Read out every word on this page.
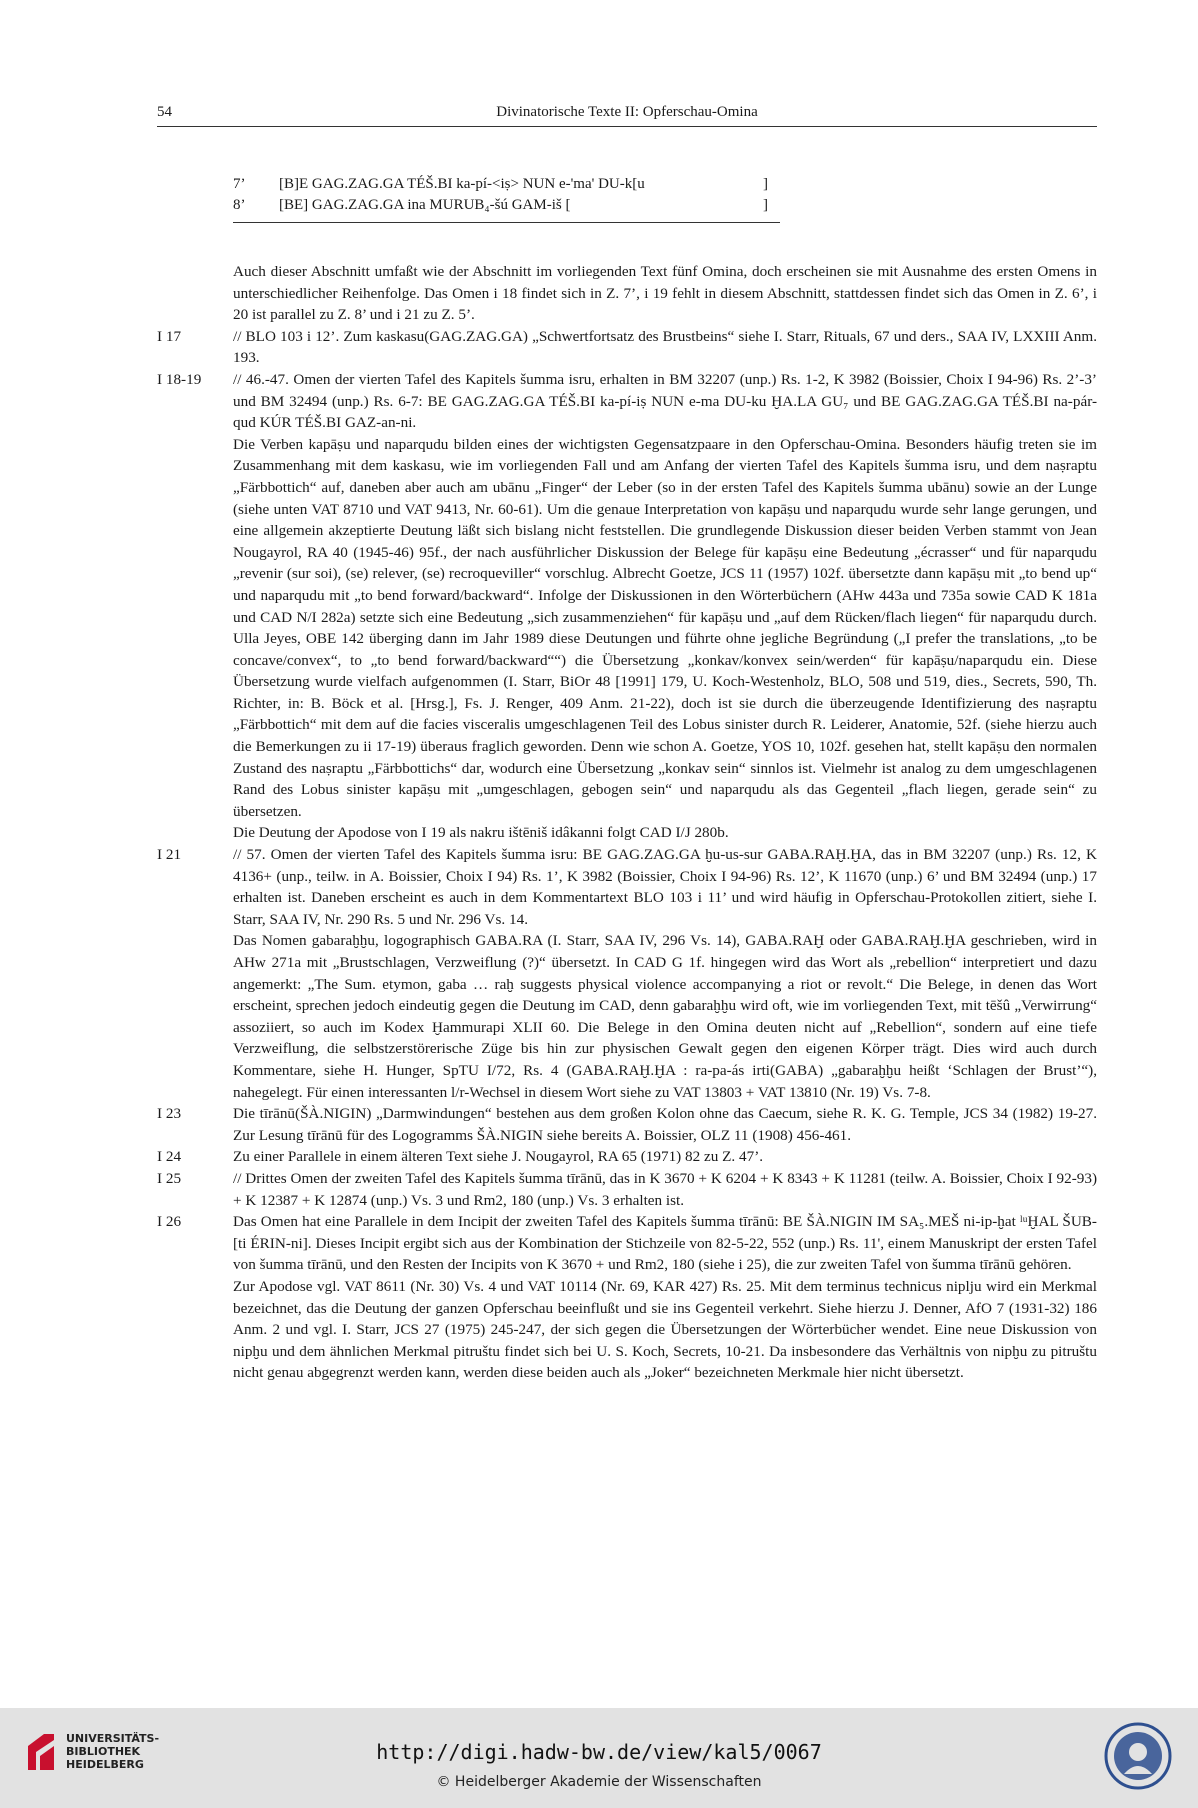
54	Divinatorische Texte II: Opferschau-Omina
7’ [B]E GAG.ZAG.GA TÉŠ.BI ka-pí-<iṣ> NUN e-'ma' DU-k[u	]
8’ [BE] GAG.ZAG.GA ina MURUB₄-šú GAM-iš [	]

Auch dieser Abschnitt umfaßt wie der Abschnitt im vorliegenden Text fünf Omina, doch erscheinen sie mit Ausnahme des ersten Omens in unterschiedlicher Reihenfolge. Das Omen i 18 findet sich in Z. 7’, i 19 fehlt in diesem Abschnitt, stattdessen findet sich das Omen in Z. 6’, i 20 ist parallel zu Z. 8’ und i 21 zu Z. 5’.

I 17	// BLO 103 i 12’. Zum kaskasu(GAG.ZAG.GA) „Schwertfortsatz des Brustbeins“ siehe I. Starr, Rituals, 67 und ders., SAA IV, LXXIII Anm. 193.

I 18-19 // 46.-47. Omen der vierten Tafel des Kapitels šumma isru, erhalten in BM 32207 (unp.) Rs. 1-2, K 3982 (Boissier, Choix I 94-96) Rs. 2’-3’ und BM 32494 (unp.) Rs. 6-7: BE GAG.ZAG.GA TÉŠ.BI ka-pí-iṣ NUN e-ma DU-ku ḪA.LA GU₇ und BE GAG.ZAG.GA TÉŠ.BI na-pár-qud KÚR TÉŠ.BI GAZ-an-ni.

Die Verben kapāṣu und naparqudu bilden eines der wichtigsten Gegensatzpaare in den Opferschau-Omina. Besonders häufig treten sie im Zusammenhang mit dem kaskasu, wie im vorliegenden Fall und am Anfang der vierten Tafel des Kapitels šumma isru, und dem naṣraptu „Färbbottich“ auf, daneben aber auch am ubānu „Finger“ der Leber (so in der ersten Tafel des Kapitels šumma ubānu) sowie an der Lunge (siehe unten VAT 8710 und VAT 9413, Nr. 60-61). Um die genaue Interpretation von kapāṣu und naparqudu wurde sehr lange gerungen, und eine allgemein akzeptierte Deutung läßt sich bislang nicht feststellen. Die grundlegende Diskussion dieser beiden Verben stammt von Jean Nougayrol, RA 40 (1945-46) 95f., der nach ausführlicher Diskussion der Belege für kapāṣu eine Bedeutung „écrasser“ und für naparqudu „revenir (sur soi), (se) relever, (se) recroqueviller“ vorschlug. Albrecht Goetze, JCS 11 (1957) 102f. übersetzte dann kapāṣu mit „to bend up“ und naparqudu mit „to bend forward/backward“. Infolge der Diskussionen in den Wörterbüchern (AHw 443a und 735a sowie CAD K 181a und CAD N/I 282a) setzte sich eine Bedeutung „sich zusammenziehen“ für kapāṣu und „auf dem Rücken/flach liegen“ für naparqudu durch. Ulla Jeyes, OBE 142 überging dann im Jahr 1989 diese Deutungen und führte ohne jegliche Begründung („I prefer the translations, „to be concave/convex“, to „to bend forward/backward““) die Übersetzung „konkav/konvex sein/werden“ für kapāṣu/naparqudu ein. Diese Übersetzung wurde vielfach aufgenommen (I. Starr, BiOr 48 [1991] 179, U. Koch-Westenholz, BLO, 508 und 519, dies., Secrets, 590, Th. Richter, in: B. Böck et al. [Hrsg.], Fs. J. Renger, 409 Anm. 21-22), doch ist sie durch die überzeugende Identifizierung des naṣraptu „Färbbottich“ mit dem auf die facies visceralis umgeschlagenen Teil des Lobus sinister durch R. Leiderer, Anatomie, 52f. (siehe hierzu auch die Bemerkungen zu ii 17-19) überaus fraglich geworden. Denn wie schon A. Goetze, YOS 10, 102f. gesehen hat, stellt kapāṣu den normalen Zustand des naṣraptu „Färbbottichs“ dar, wodurch eine Übersetzung „konkav sein“ sinnlos ist. Vielmehr ist analog zu dem umgeschlagenen Rand des Lobus sinister kapāṣu mit „umgeschlagen, gebogen sein“ und naparqudu als das Gegenteil „flach liegen, gerade sein“ zu übersetzen.

Die Deutung der Apodose von I 19 als nakru ištēniš idâkanni folgt CAD I/J 280b.

I 21	// 57. Omen der vierten Tafel des Kapitels šumma isru: BE GAG.ZAG.GA ḫu-us-sur GABA.RAḪ.ḪA, das in BM 32207 (unp.) Rs. 12, K 4136+ (unp., teilw. in A. Boissier, Choix I 94) Rs. 1’, K 3982 (Boissier, Choix I 94-96) Rs. 12’, K 11670 (unp.) 6’ und BM 32494 (unp.) 17 erhalten ist. Daneben erscheint es auch in dem Kommentartext BLO 103 i 11’ und wird häufig in Opferschau-Protokollen zitiert, siehe I. Starr, SAA IV, Nr. 290 Rs. 5 und Nr. 296 Vs. 14.

Das Nomen gabaraḫḫu, logographisch GABA.RA (I. Starr, SAA IV, 296 Vs. 14), GABA.RAḪ oder GABA.RAḪ.ḪA geschrieben, wird in AHw 271a mit „Brustschlagen, Verzweiflung (?)“ übersetzt. In CAD G 1f. hingegen wird das Wort als „rebellion“ interpretiert und dazu angemerkt: „The Sum. etymon, gaba … raḫ suggests physical violence accompanying a riot or revolt.“ Die Belege, in denen das Wort erscheint, sprechen jedoch eindeutig gegen die Deutung im CAD, denn gabaraḫḫu wird oft, wie im vorliegenden Text, mit tēšû „Verwirrung“ assoziiert, so auch im Kodex Ḫammurapi XLII 60. Die Belege in den Omina deuten nicht auf „Rebellion“, sondern auf eine tiefe Verzweiflung, die selbstzerstörerische Züge bis hin zur physischen Gewalt gegen den eigenen Körper trägt. Dies wird auch durch Kommentare, siehe H. Hunger, SpTU I/72, Rs. 4 (GABA.RAḪ.ḪA : ra-pa-ás irti(GABA) „gabaraḫḫu heißt ‘Schlagen der Brust’“), nahegelegt. Für einen interessanten l/r-Wechsel in diesem Wort siehe zu VAT 13803 + VAT 13810 (Nr. 19) Vs. 7-8.

I 23	Die tīrānū(ŠÀ.NIGIN) „Darmwindungen“ bestehen aus dem großen Kolon ohne das Caecum, siehe R. K. G. Temple, JCS 34 (1982) 19-27. Zur Lesung tīrānū für des Logogramms ŠÀ.NIGIN siehe bereits A. Boissier, OLZ 11 (1908) 456-461.

I 24	Zu einer Parallele in einem älteren Text siehe J. Nougayrol, RA 65 (1971) 82 zu Z. 47’.

I 25	// Drittes Omen der zweiten Tafel des Kapitels šumma tīrānū, das in K 3670 + K 6204 + K 8343 + K 11281 (teilw. A. Boissier, Choix I 92-93) + K 12387 + K 12874 (unp.) Vs. 3 und Rm2, 180 (unp.) Vs. 3 erhalten ist.

I 26	Das Omen hat eine Parallele in dem Incipit der zweiten Tafel des Kapitels šumma tīrānū: BE ŠÀ.NIGIN IM SA₅.MEŠ ni-ip-ḫat ˡᵘḪAL ŠUB-[ti ÉRIN-ni]. Dieses Incipit ergibt sich aus der Kombination der Stichzeile von 82-5-22, 552 (unp.) Rs. 11', einem Manuskript der ersten Tafel von šumma tīrānū, und den Resten der Incipits von K 3670 + und Rm2, 180 (siehe i 25), die zur zweiten Tafel von šumma tīrānū gehören.

Zur Apodose vgl. VAT 8611 (Nr. 30) Vs. 4 und VAT 10114 (Nr. 69, KAR 427) Rs. 25. Mit dem terminus technicus niplju wird ein Merkmal bezeichnet, das die Deutung der ganzen Opferschau beeinflußt und sie ins Gegenteil verkehrt. Siehe hierzu J. Denner, AfO 7 (1931-32) 186 Anm. 2 und vgl. I. Starr, JCS 27 (1975) 245-247, der sich gegen die Übersetzungen der Wörterbücher wendet. Eine neue Diskussion von nipḫu und dem ähnlichen Merkmal pitruštu findet sich bei U. S. Koch, Secrets, 10-21. Da insbesondere das Verhältnis von nipḫu zu pitruštu nicht genau abgegrenzt werden kann, werden diese beiden auch als „Joker“ bezeichneten Merkmale hier nicht übersetzt.

UNIVERSITÄTS-
BIBLIOTHEK
HEIDELBERG
http://digi.hadw-bw.de/view/kal5/0067
© Heidelberger Akademie der Wissenschaften
